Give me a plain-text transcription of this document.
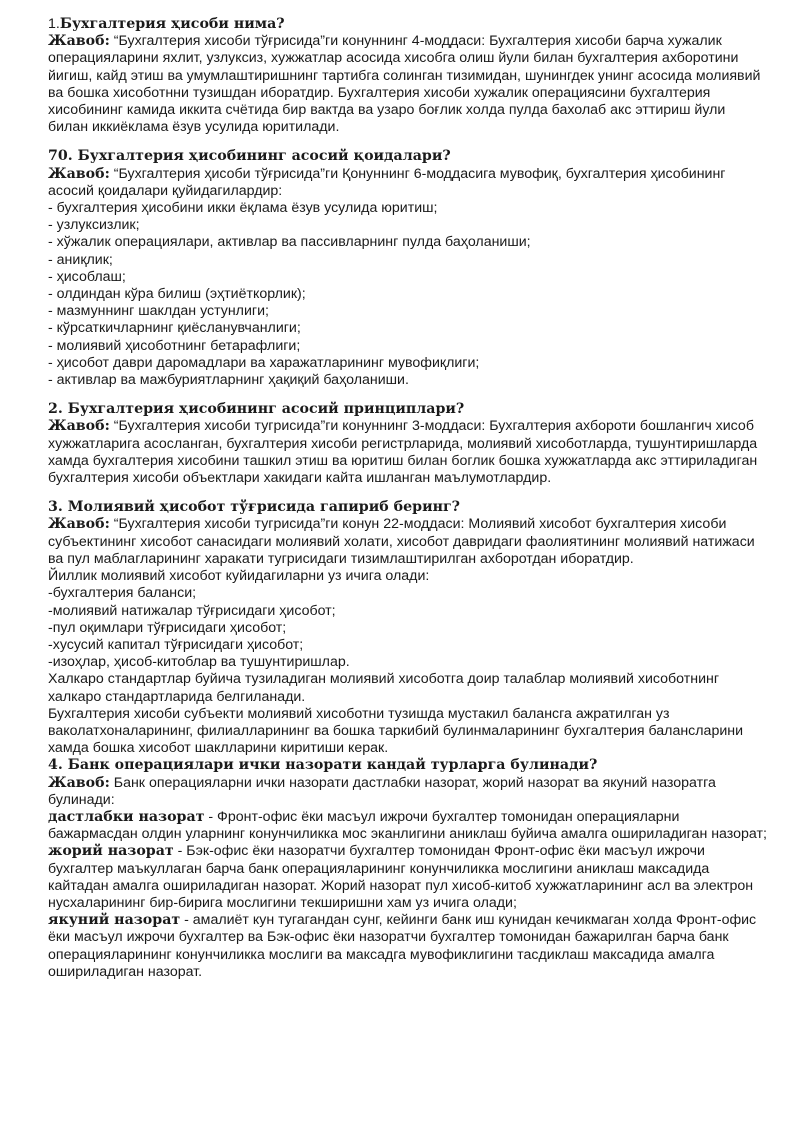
1.Бухгалтерия ҳисоби нима?

Жавоб: “Бухгалтерия хисоби тўғрисида”ги конуннинг 4-моддаси: Бухгалтерия хисоби барча хужалик операцияларини яхлит, узлуксиз, хужжатлар асосида хисобга олиш йули билан бухгалтерия ахборотини йигиш, кайд этиш ва умумлаштиришнинг тартибга солинган тизимидан, шунингдек унинг асосида молиявий ва бошка хисоботнни тузишдан иборатдир. Бухгалтерия хисоби хужалик операциясини бухгалтерия хисобининг камида иккита счётида бир вактда ва узаро боғлик холда пулда бахолаб акс эттириш йули билан иккиёклама ёзув усулида юритилади.

70. Бухгалтерия ҳисобининг асосий қоидалари?

Жавоб: “Бухгалтерия ҳисоби тўғрисида”ги Қонуннинг 6-моддасига мувофиқ, бухгалтерия ҳисобининг асосий қоидалари қуйидагилардир:

- бухгалтерия ҳисобини икки ёқлама ёзув усулида юритиш;

- узлуксизлик;

- хўжалик операциялари, активлар ва пассивларнинг пулда баҳоланиши;

- аниқлик;

- ҳисоблаш;

- олдиндан кўра билиш (эҳтиёткорлик);

- мазмуннинг шаклдан устунлиги;

- кўрсаткичларнинг қиёсланувчанлиги;

- молиявий ҳисоботнинг бетарафлиги;

- ҳисобот даври даромадлари ва харажатларининг мувофиқлиги;

- активлар ва мажбуриятларнинг ҳақиқий баҳоланиши.

2. Бухгалтерия ҳисобининг асосий принциплари?

Жавоб: “Бухгалтерия хисоби тугрисида”ги конуннинг 3-моддаси: Бухгалтерия ахбороти бошлангич хисоб хужжатларига асосланган, бухгалтерия хисоби регистрларида, молиявий хисоботларда, тушунтиришларда хамда бухгалтерия хисобини ташкил этиш ва юритиш билан боглик бошка хужжатларда акс эттириладиган бухгалтерия хисоби объектлари хакидаги кайта ишланган маълумотлардир.

3. Молиявий ҳисобот тўғрисида гапириб беринг?

Жавоб: “Бухгалтерия хисоби тугрисида”ги конун 22-моддаси: Молиявий хисобот бухгалтерия хисоби субъектининг хисобот санасидаги молиявий холати, хисобот давридаги фаолиятининг молиявий натижаси ва пул маблагларининг харакати тугрисидаги тизимлаштирилган ахборотдан иборатдир.

Йиллик молиявий хисобот куйидагиларни уз ичига олади:

-бухгалтерия баланси;

-молиявий натижалар тўғрисидаги ҳисобот;

-пул оқимлари тўғрисидаги ҳисобот;

-хусусий капитал тўғрисидаги ҳисобот;

-изоҳлар, ҳисоб-китоблар ва тушунтиришлар.

Халкаро стандартлар буйича тузиладиган молиявий хисоботга доир талаблар молиявий хисоботнинг халкаро стандартларида белгиланади.

Бухгалтерия хисоби субъекти молиявий хисоботни тузишда мустакил балансга ажратилган уз ваколатхоналарининг, филиалларининг ва бошка таркибий булинмаларининг бухгалтерия балансларини хамда бошка хисобот шаклларини киритиши керак.

4. Банк операциялари ички назорати кандай турларга булинади?

Жавоб: Банк операцияларни ички назорати дастлабки назорат, жорий назорат ва якуний назоратга булинади:

дастлабки назорат - Фронт-офис ёки масъул ижрочи бухгалтер томонидан операцияларни бажармасдан олдин уларнинг конунчиликка мос эканлигини аниклаш буйича амалга ошириладиган назорат;

жорий назорат - Бэк-офис ёки назоратчи бухгалтер томонидан Фронт-офис ёки масъул ижрочи бухгалтер маъкуллаган барча банк операцияларининг конунчиликка мослигини аниклаш максадида кайтадан амалга ошириладиган назорат. Жорий назорат пул хисоб-китоб хужжатларининг асл ва электрон нусхаларининг бир-бирига мослигини текширишни хам уз ичига олади;

якуний назорат - амалиёт кун тугагандан сунг, кейинги банк иш кунидан кечикмаган холда Фронт-офис ёки масъул ижрочи бухгалтер ва Бэк-офис ёки назоратчи бухгалтер томонидан бажарилган барча банк операцияларининг конунчиликка мослиги ва максадга мувофиклигини тасдиклаш максадида амалга ошириладиган назорат.
